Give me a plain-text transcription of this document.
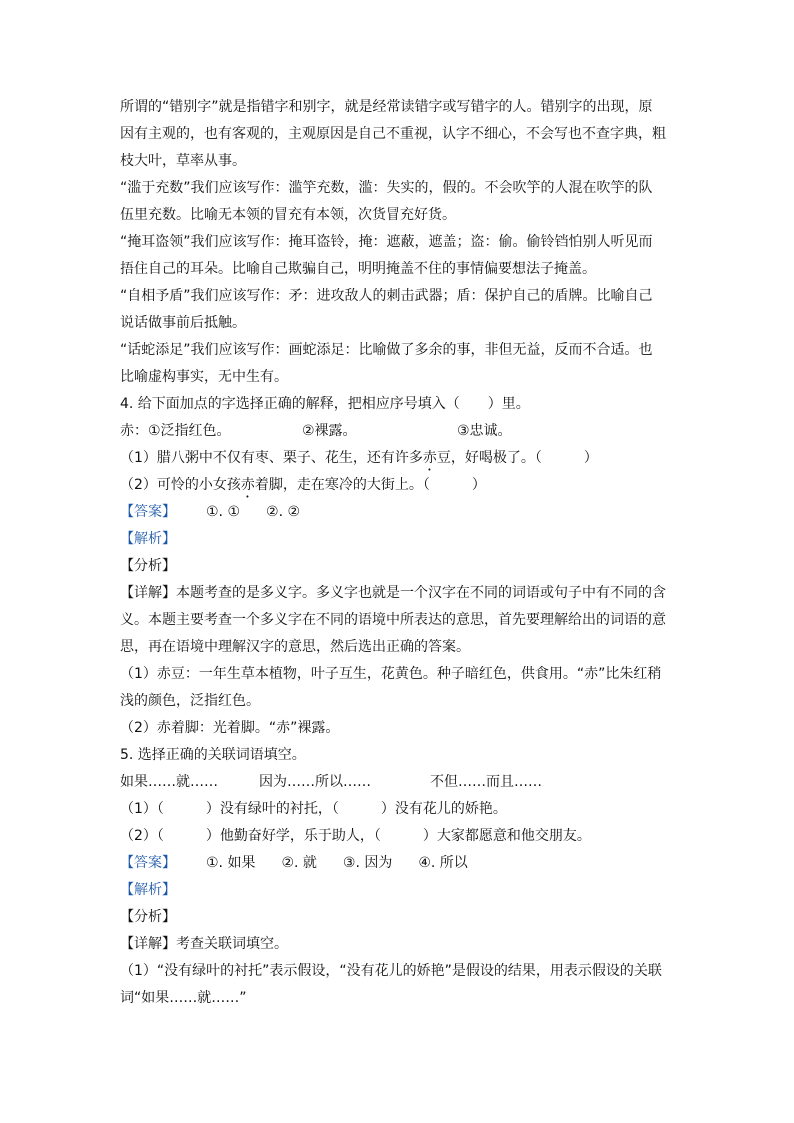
所谓的“错别字”就是指错字和别字，就是经常读错字或写错字的人。错别字的出现，原
因有主观的，也有客观的，主观原因是自己不重视，认字不细心，不会写也不查字典，粗
枝大叶，草率从事。
“滥于充数”我们应该写作：滥竽充数，滥：失实的，假的。不会吹竽的人混在吹竽的队
伍里充数。比喻无本领的冒充有本领，次货冒充好货。
“掩耳盗领”我们应该写作：掩耳盗铃，掩：遮蔽，遮盖；盗：偷。偷铃铛怕别人听见而
捂住自己的耳朵。比喻自己欺骗自己，明明掩盖不住的事情偏要想法子掩盖。
“自相予盾”我们应该写作：矛：进攻敌人的刺击武器；盾：保护自己的盾牌。比喻自己
说话做事前后抵触。
“话蛇添足”我们应该写作：画蛇添足：比喻做了多余的事，非但无益，反而不合适。也
比喻虚构事实，无中生有。
4. 给下面加点的字选择正确的解释，把相应序号填入（　　）里。
赤：①泛指红色。	②裸露。	③忠诚。
（1）腊八粥中不仅有枣、栗子、花生，还有许多赤豆，好喝极了。（　　　）
（2）可怜的小女孩赤着脚，走在寒冷的大街上。（　　　）
【答案】 ①. ① ②. ②
【解析】
【分析】
【详解】本题考查的是多义字。多义字也就是一个汉字在不同的词语或句子中有不同的含
义。本题主要考查一个多义字在不同的语境中所表达的意思，首先要理解给出的词语的意
思，再在语境中理解汉字的意思，然后选出正确的答案。
（1）赤豆：一年生草本植物，叶子互生，花黄色。种子暗红色，供食用。“赤”比朱红稍
浅的颜色，泛指红色。
（2）赤着脚：光着脚。“赤”裸露。
5. 选择正确的关联词语填空。
如果……就……	因为……所以……	不但……而且……
（1）（　　　）没有绿叶的衬托，（　　　）没有花儿的娇艳。
（2）（　　　）他勤奋好学，乐于助人，（　　　）大家都愿意和他交朋友。
【答案】 ①. 如果 ②. 就 ③. 因为 ④. 所以
【解析】
【分析】
【详解】考查关联词填空。
（1）“没有绿叶的衬托”表示假设，“没有花儿的娇艳”是假设的结果，用表示假设的关联
词“如果……就……”
